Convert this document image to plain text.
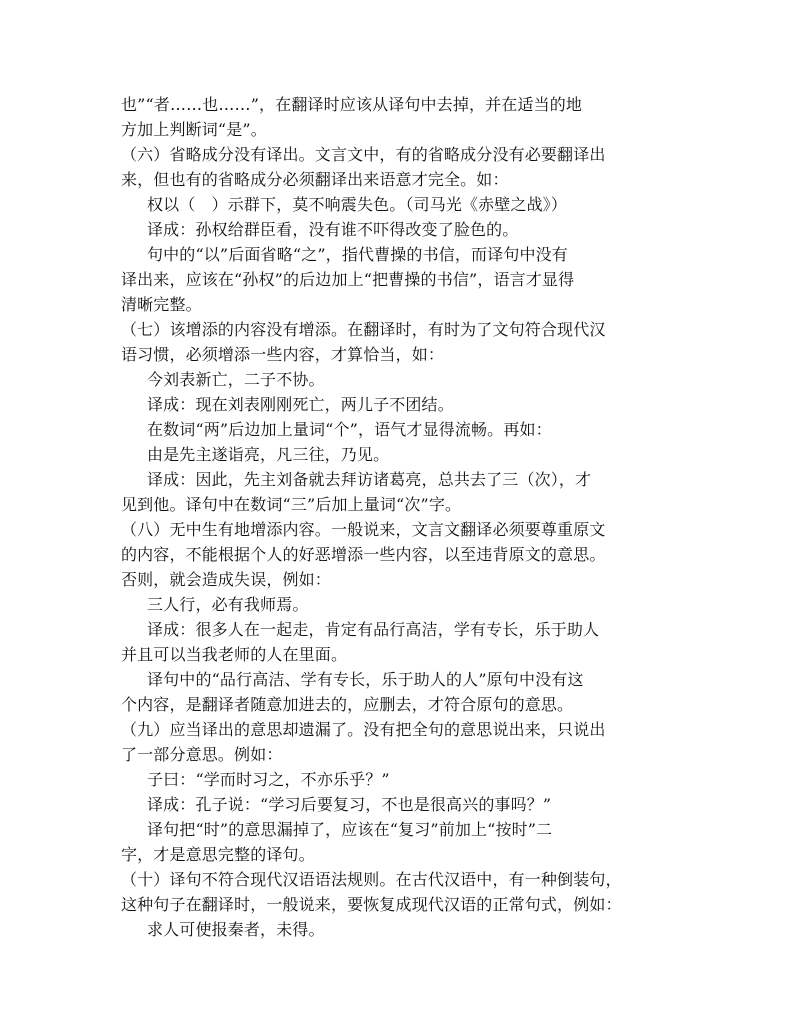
也”“者……也……”，在翻译时应该从译句中去掉，并在适当的地
方加上判断词“是”。
（六）省略成分没有译出。文言文中，有的省略成分没有必要翻译出
来，但也有的省略成分必须翻译出来语意才完全。如：
权以（　）示群下，莫不响震失色。（司马光《赤壁之战》）
译成：孙权给群臣看，没有谁不吓得改变了脸色的。
句中的“以”后面省略“之”，指代曹操的书信，而译句中没有
译出来，应该在“孙权”的后边加上“把曹操的书信”，语言才显得
清晰完整。
（七）该增添的内容没有增添。在翻译时，有时为了文句符合现代汉
语习惯，必须增添一些内容，才算恰当，如：
今刘表新亡，二子不协。
译成：现在刘表刚刚死亡，两儿子不团结。
在数词“两”后边加上量词“个”，语气才显得流畅。再如：
由是先主遂诣亮，凡三往，乃见。
译成：因此，先主刘备就去拜访诸葛亮，总共去了三（次），才
见到他。译句中在数词“三”后加上量词“次”字。
（八）无中生有地增添内容。一般说来，文言文翻译必须要尊重原文
的内容，不能根据个人的好恶增添一些内容，以至违背原文的意思。
否则，就会造成失误，例如：
三人行，必有我师焉。
译成：很多人在一起走，肯定有品行高洁，学有专长，乐于助人
并且可以当我老师的人在里面。
译句中的“品行高洁、学有专长，乐于助人的人”原句中没有这
个内容，是翻译者随意加进去的，应删去，才符合原句的意思。
（九）应当译出的意思却遗漏了。没有把全句的意思说出来，只说出
了一部分意思。例如：
子曰：“学而时习之，不亦乐乎？”
译成：孔子说：“学习后要复习，不也是很高兴的事吗？”
译句把“时”的意思漏掉了，应该在“复习”前加上“按时”二
字，才是意思完整的译句。
（十）译句不符合现代汉语语法规则。在古代汉语中，有一种倒装句，
这种句子在翻译时，一般说来，要恢复成现代汉语的正常句式，例如：
求人可使报秦者，未得。
